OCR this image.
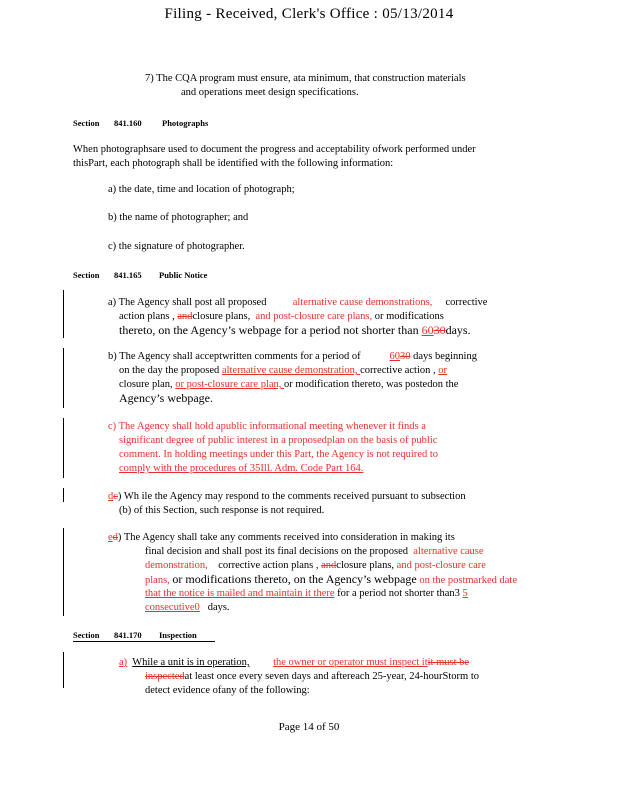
Filing - Received, Clerk's Office : 05/13/2014
7) The CQA program must ensure, ata minimum, that construction materials
and operations meet design specifications.
Section 841.160 Photographs
When photographsare used to document the progress and acceptability ofwork performed under
thisPart, each photograph shall be identified with the following information:
a) the date, time and location of photograph;
b) the name of photographer; and
c) the signature of photographer.
Section 841.165 Public Notice
a) The Agency shall post all proposed	alternative cause demonstrations, corrective
action plans , andclosure plans, and post-closure care plans, or modifications
thereto, on the Agency’s webpage for a period not shorter than 6030days.
b) The Agency shall acceptwritten comments for a period of	6030 days beginning
on the day the proposed alternative cause demonstration, corrective action , or
closure plan, or post-closure care plan, or modification thereto, was postedon the
Agency’s webpage.
c) The Agency shall hold apublic informational meeting whenever it finds a
significant degree of public interest in a proposedplan on the basis of public
comment. In holding meetings under this Part, the Agency is not required to
comply with the procedures of 35Ill. Adm. Code Part 164.
dc) Wh ile the Agency may respond to the comments received pursuant to subsection
(b) of this Section, such response is not required.
ed) The Agency shall take any comments received into consideration in making its
final decision and shall post its final decisions on the proposed alternative cause
demonstration, corrective action plans , andclosure plans, and post-closure care
plans, or modifications thereto, on the Agency’s webpage on the postmarked date
that the notice is mailed and maintain it there for a period not shorter than3 5
consecutive0 days.
Section 841.170 Inspection
a) While a unit is in operation, the owner or operator must inspect itit must be
inspectedat least once every seven days and aftereach 25-year, 24-hourStorm to
detect evidence ofany of the following:
Page 14 of 50
